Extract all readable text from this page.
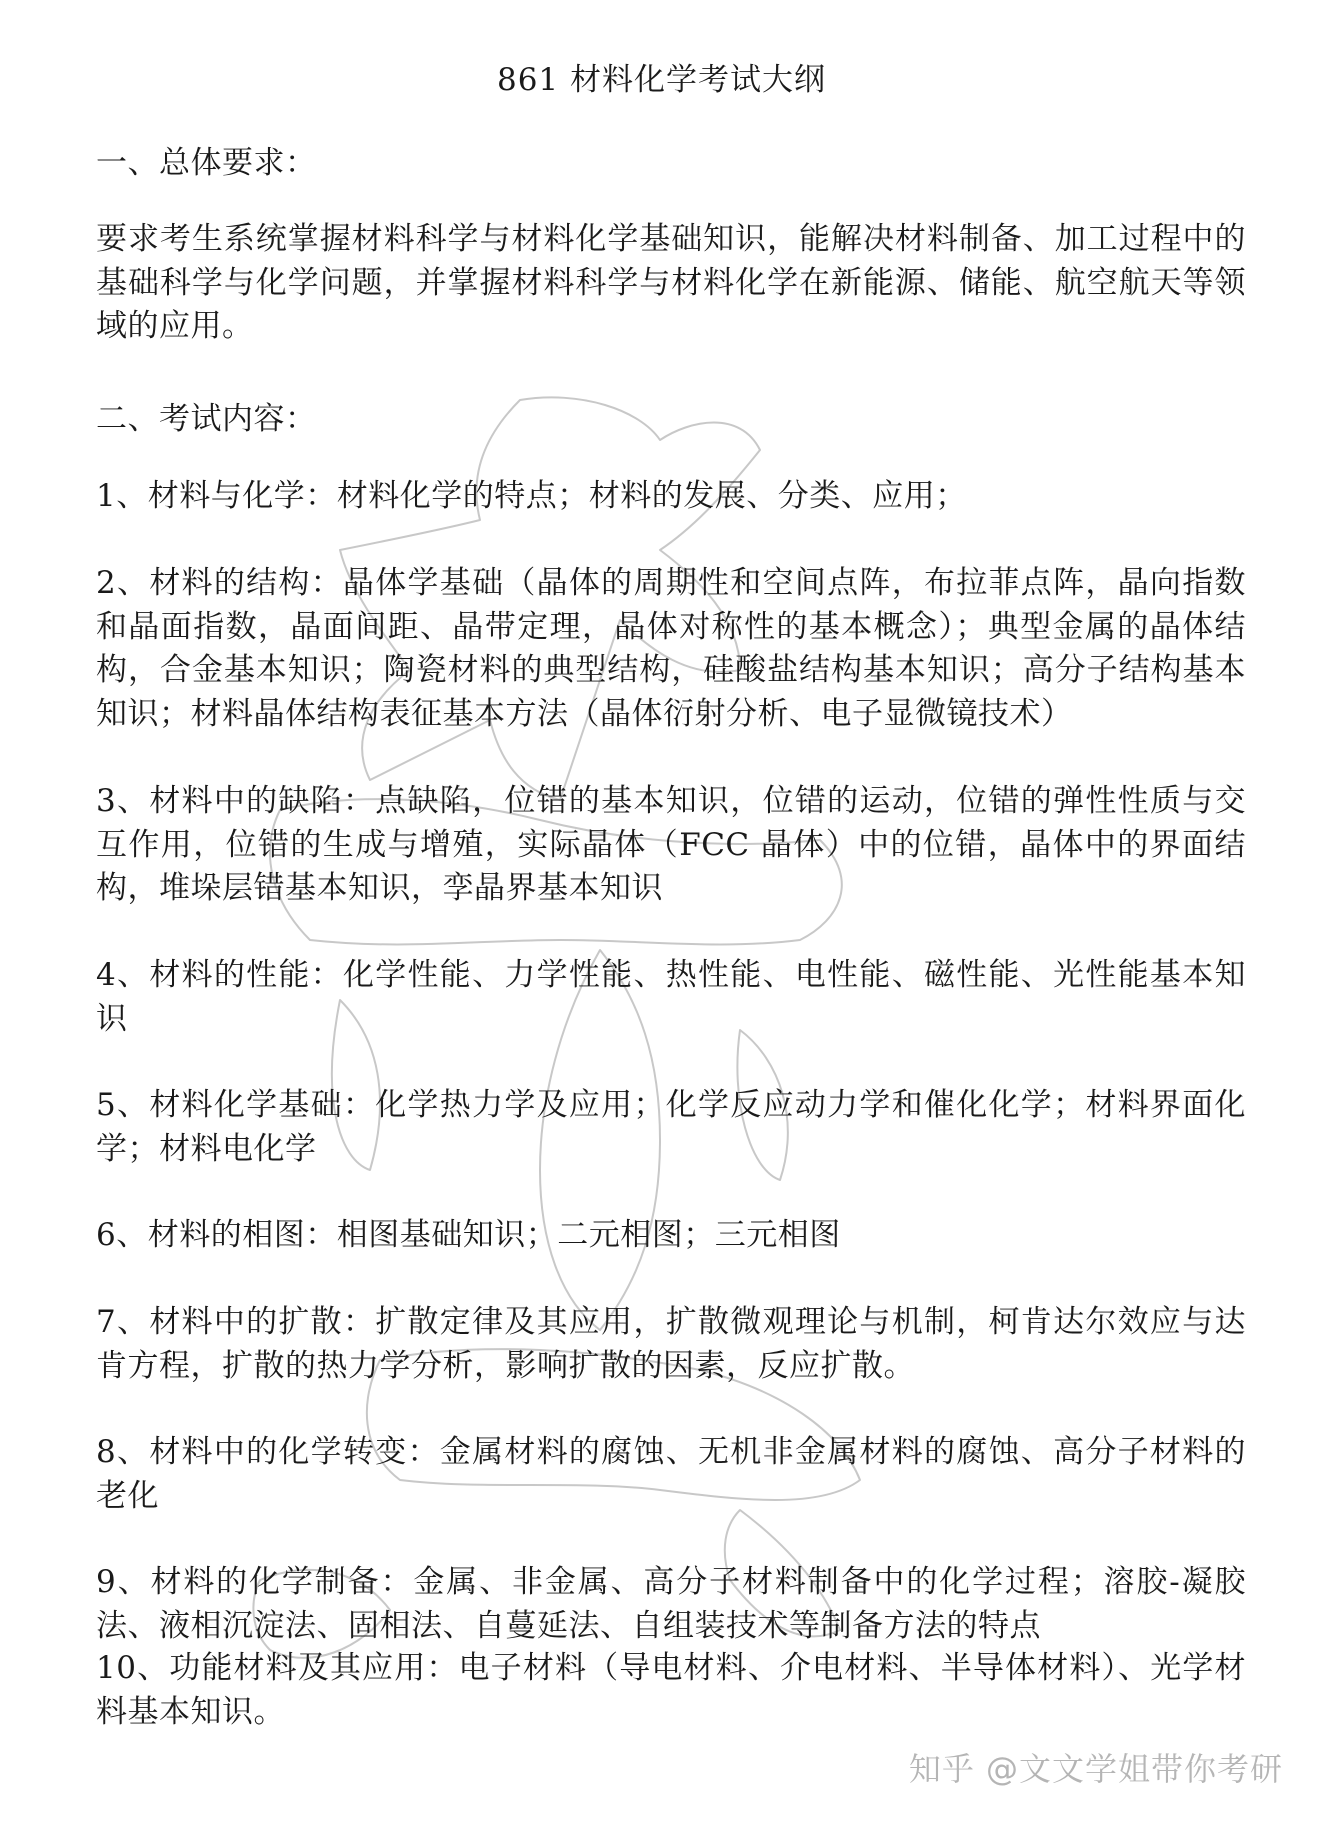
861 材料化学考试大纲
一、总体要求：
要求考生系统掌握材料科学与材料化学基础知识，能解决材料制备、加工过程中的基础科学与化学问题，并掌握材料科学与材料化学在新能源、储能、航空航天等领域的应用。
二、考试内容：
1、材料与化学：材料化学的特点；材料的发展、分类、应用；
2、材料的结构：晶体学基础（晶体的周期性和空间点阵，布拉菲点阵，晶向指数和晶面指数，晶面间距、晶带定理，晶体对称性的基本概念）；典型金属的晶体结构，合金基本知识；陶瓷材料的典型结构，硅酸盐结构基本知识；高分子结构基本知识；材料晶体结构表征基本方法（晶体衍射分析、电子显微镜技术）
3、材料中的缺陷：点缺陷，位错的基本知识，位错的运动，位错的弹性性质与交互作用，位错的生成与增殖，实际晶体（FCC 晶体）中的位错，晶体中的界面结构，堆垛层错基本知识，孪晶界基本知识
4、材料的性能：化学性能、力学性能、热性能、电性能、磁性能、光性能基本知识
5、材料化学基础：化学热力学及应用；化学反应动力学和催化化学；材料界面化学；材料电化学
6、材料的相图：相图基础知识；二元相图；三元相图
7、材料中的扩散：扩散定律及其应用，扩散微观理论与机制，柯肯达尔效应与达肯方程，扩散的热力学分析，影响扩散的因素，反应扩散。
8、材料中的化学转变：金属材料的腐蚀、无机非金属材料的腐蚀、高分子材料的老化
9、材料的化学制备：金属、非金属、高分子材料制备中的化学过程；溶胶-凝胶法、液相沉淀法、固相法、自蔓延法、自组装技术等制备方法的特点
10、功能材料及其应用：电子材料（导电材料、介电材料、半导体材料）、光学材料基本知识。
知乎 @文文学姐带你考研
